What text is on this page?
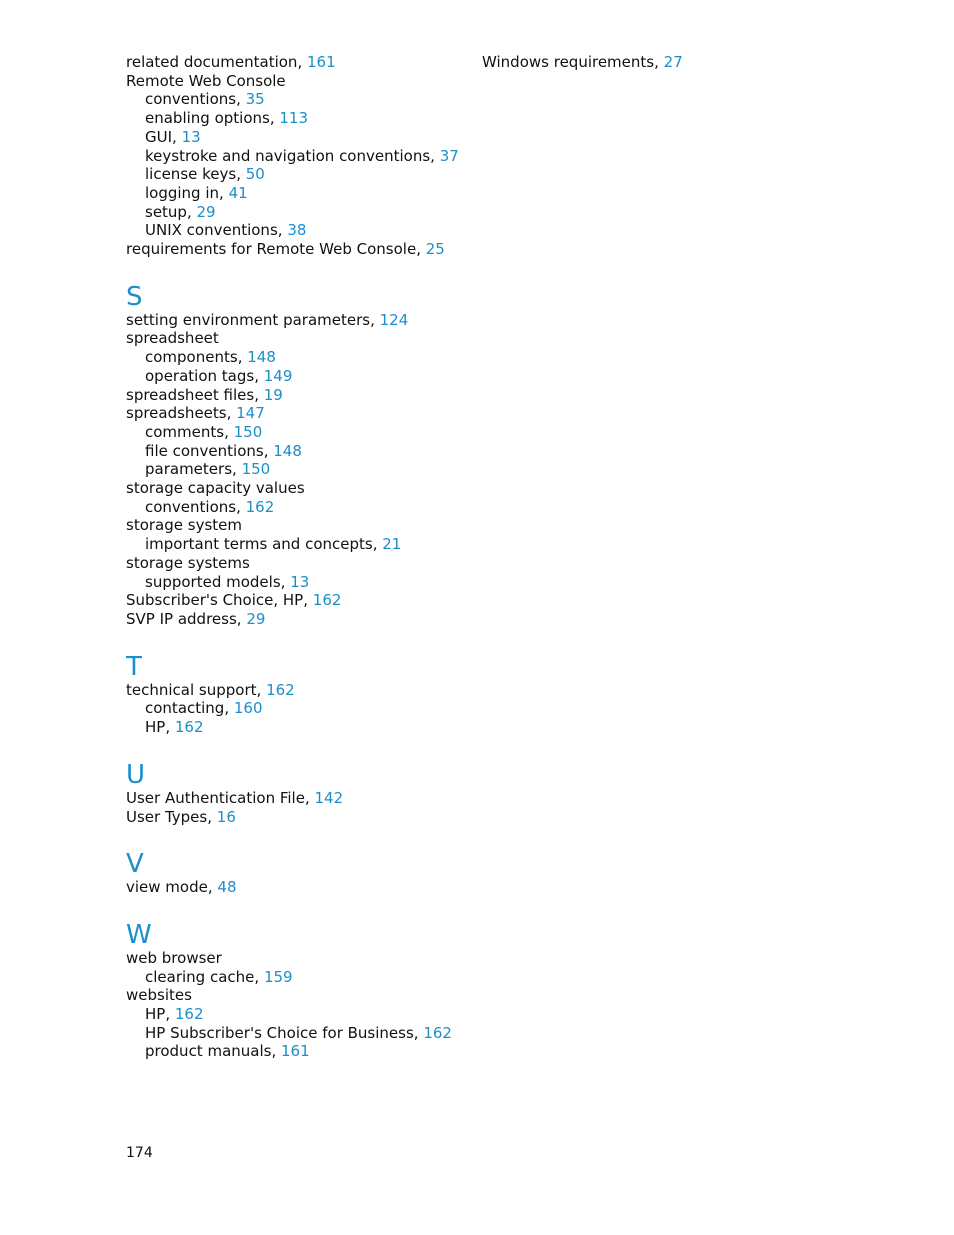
related documentation, 161
Remote Web Console
conventions, 35
enabling options, 113
GUI, 13
keystroke and navigation conventions, 37
license keys, 50
logging in, 41
setup, 29
UNIX conventions, 38
requirements for Remote Web Console, 25
S
setting environment parameters, 124
spreadsheet
components, 148
operation tags, 149
spreadsheet files, 19
spreadsheets, 147
comments, 150
file conventions, 148
parameters, 150
storage capacity values
conventions, 162
storage system
important terms and concepts, 21
storage systems
supported models, 13
Subscriber's Choice, HP, 162
SVP IP address, 29
T
technical support, 162
contacting, 160
HP, 162
U
User Authentication File, 142
User Types, 16
V
view mode, 48
W
web browser
clearing cache, 159
websites
HP, 162
HP Subscriber's Choice for Business, 162
product manuals, 161
Windows requirements, 27
174
